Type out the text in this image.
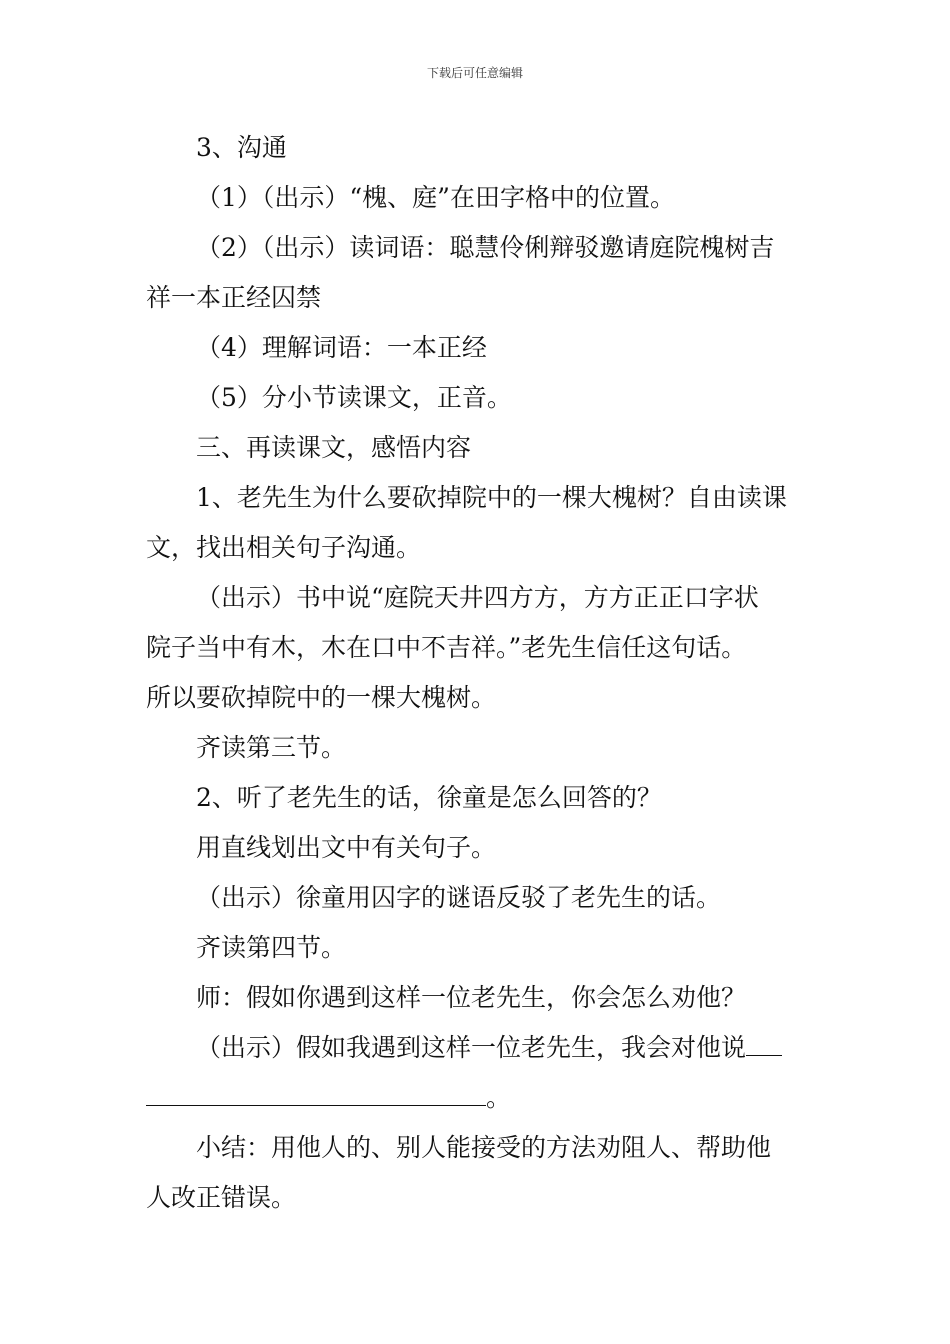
下载后可任意编辑
3、沟通
（1）（出示）“槐、庭”在田字格中的位置。
（2）（出示）读词语：聪慧伶俐辩驳邀请庭院槐树吉
祥一本正经囚禁
（4）理解词语：一本正经
（5）分小节读课文，正音。
三、再读课文，感悟内容
1、老先生为什么要砍掉院中的一棵大槐树？自由读课
文，找出相关句子沟通。
（出示）书中说“庭院天井四方方，方方正正口字状
院子当中有木，木在口中不吉祥。”老先生信任这句话。
所以要砍掉院中的一棵大槐树。
齐读第三节。
2、听了老先生的话，徐童是怎么回答的？
用直线划出文中有关句子。
（出示）徐童用囚字的谜语反驳了老先生的话。
齐读第四节。
师：假如你遇到这样一位老先生，你会怎么劝他？
（出示）假如我遇到这样一位老先生，我会对他说
。
小结：用他人的、别人能接受的方法劝阻人、帮助他
人改正错误。
